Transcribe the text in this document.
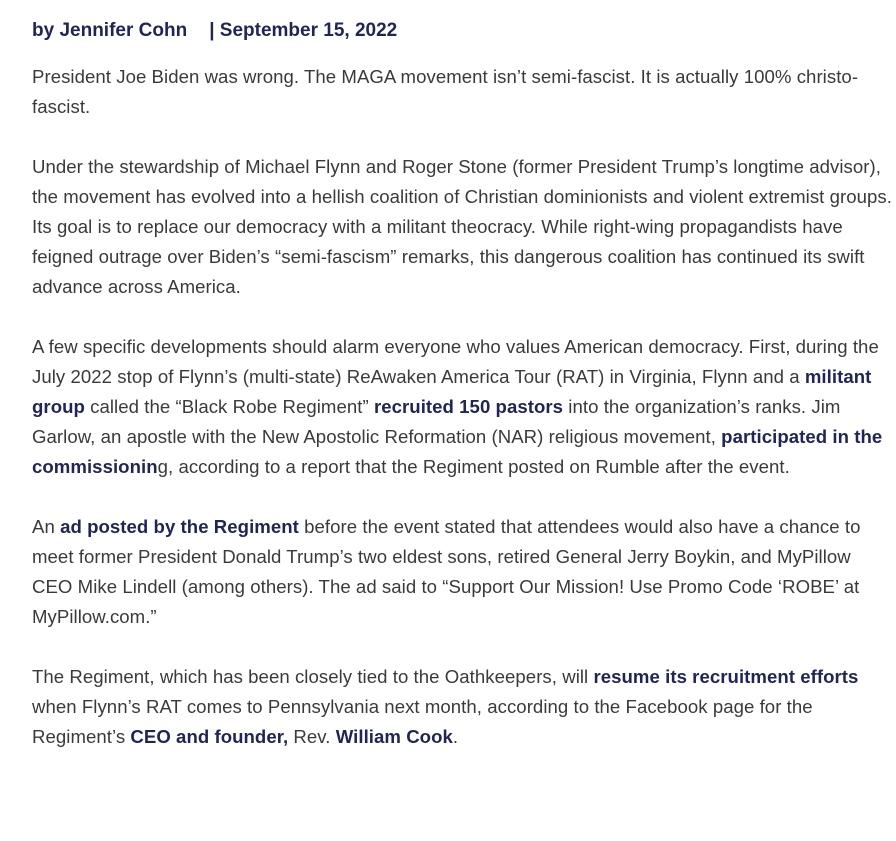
by Jennifer Cohn | September 15, 2022

President Joe Biden was wrong. The MAGA movement isn’t semi-fascist. It is actually 100% christo-fascist.

Under the stewardship of Michael Flynn and Roger Stone (former President Trump’s longtime advisor), the movement has evolved into a hellish coalition of Christian dominionists and violent extremist groups. Its goal is to replace our democracy with a militant theocracy. While right-wing propagandists have feigned outrage over Biden’s “semi-fascism” remarks, this dangerous coalition has continued its swift advance across America.

A few specific developments should alarm everyone who values American democracy. First, during the July 2022 stop of Flynn’s (multi-state) ReAwaken America Tour (RAT) in Virginia, Flynn and a militant group called the “Black Robe Regiment” recruited 150 pastors into the organization’s ranks. Jim Garlow, an apostle with the New Apostolic Reformation (NAR) religious movement, participated in the commissioning, according to a report that the Regiment posted on Rumble after the event.

An ad posted by the Regiment before the event stated that attendees would also have a chance to meet former President Donald Trump’s two eldest sons, retired General Jerry Boykin, and MyPillow CEO Mike Lindell (among others). The ad said to “Support Our Mission! Use Promo Code ‘ROBE’ at MyPillow.com.”

The Regiment, which has been closely tied to the Oathkeepers, will resume its recruitment efforts when Flynn’s RAT comes to Pennsylvania next month, according to the Facebook page for the Regiment’s CEO and founder, Rev. William Cook.
